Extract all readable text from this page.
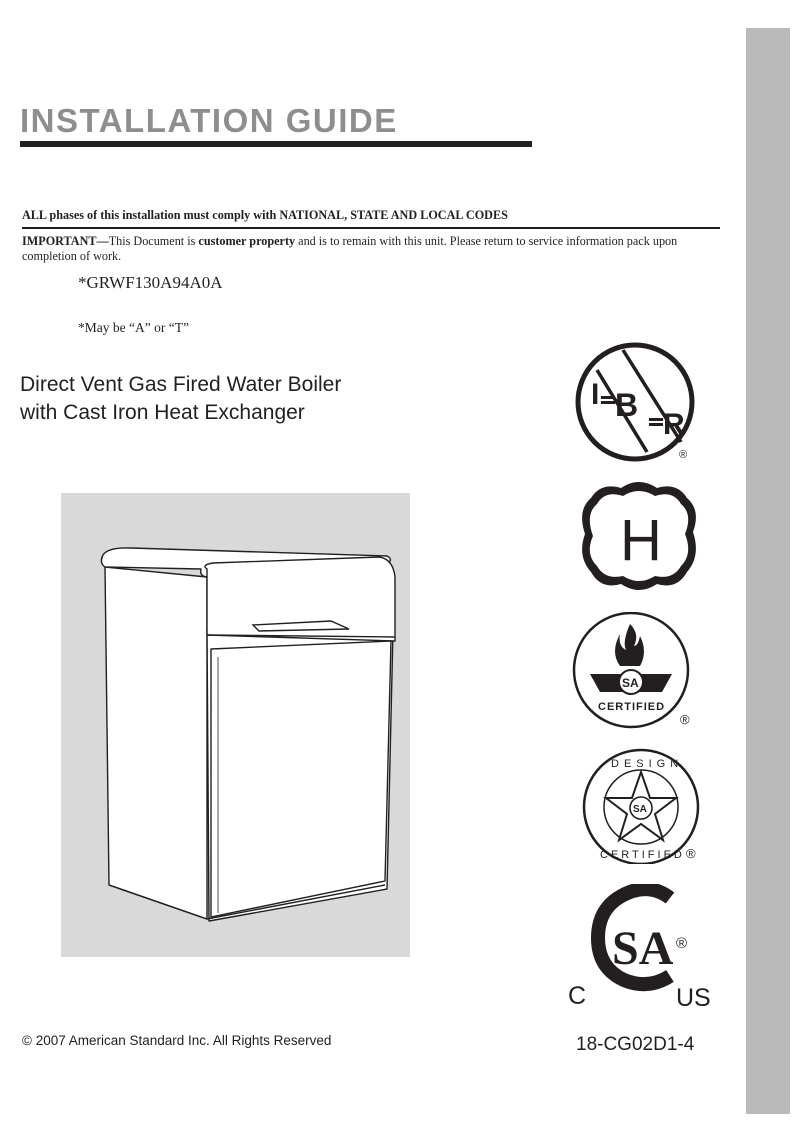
INSTALLATION GUIDE

ALL phases of this installation must comply with NATIONAL, STATE AND LOCAL CODES

IMPORTANT—This Document is customer property and is to remain with this unit. Please return to service information pack upon completion of work.

*GRWF130A94A0A

*May be “A” or “T”

Direct Vent Gas Fired Water Boiler
with Cast Iron Heat Exchanger
I B
R
®
H
SA
CERTIFIED
®
SA
DESIGN
CERTIFIED ®
SA ®

C	US

© 2007 American Standard Inc. All Rights Reserved	18-CG02D1-4
